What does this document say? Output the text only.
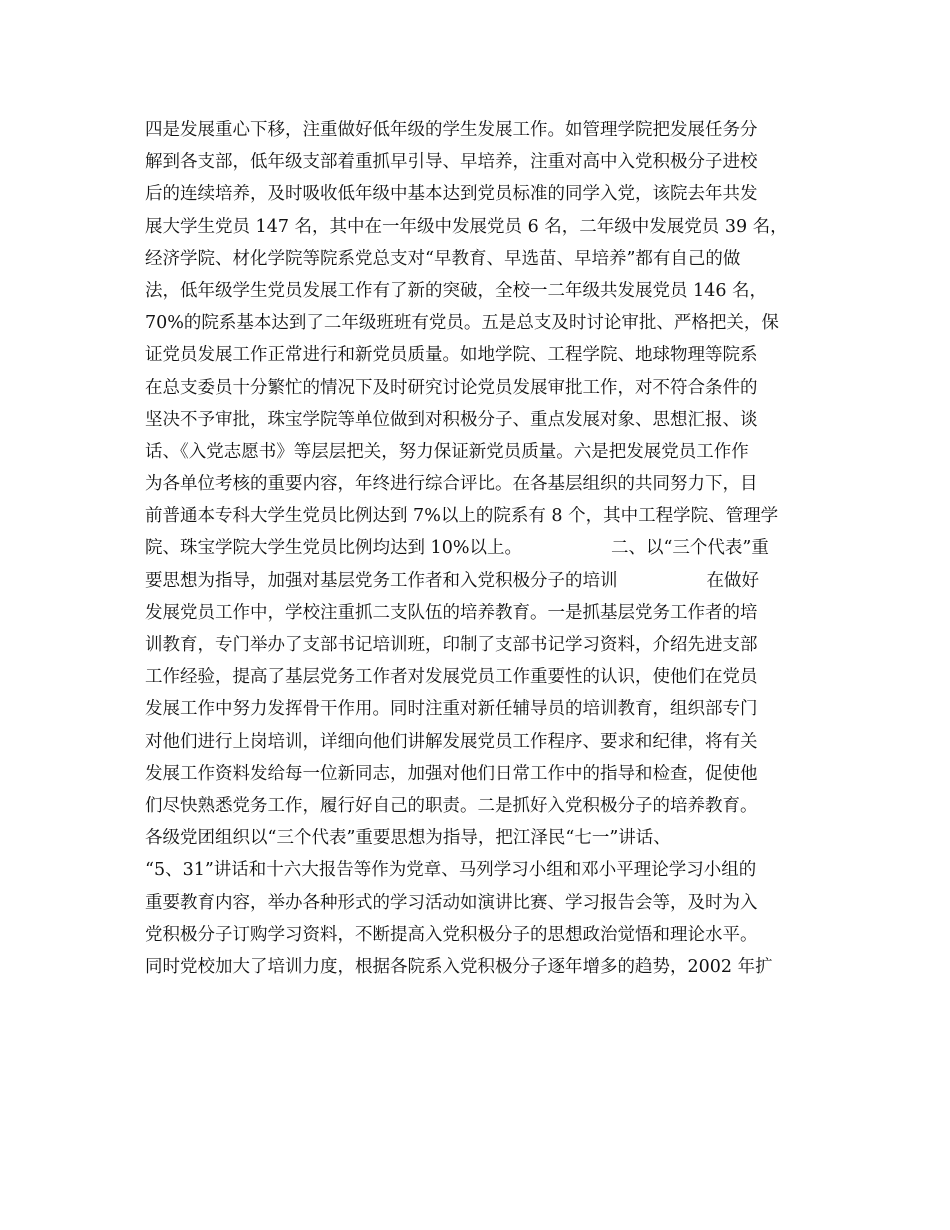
四是发展重心下移，注重做好低年级的学生发展工作。如管理学院把发展任务分
解到各支部，低年级支部着重抓早引导、早培养，注重对高中入党积极分子进校
后的连续培养，及时吸收低年级中基本达到党员标准的同学入党，该院去年共发
展大学生党员 147 名，其中在一年级中发展党员 6 名，二年级中发展党员 39 名，
经济学院、材化学院等院系党总支对“早教育、早选苗、早培养”都有自己的做
法，低年级学生党员发展工作有了新的突破，全校一二年级共发展党员 146 名，
70%的院系基本达到了二年级班班有党员。五是总支及时讨论审批、严格把关，保
证党员发展工作正常进行和新党员质量。如地学院、工程学院、地球物理等院系
在总支委员十分繁忙的情况下及时研究讨论党员发展审批工作，对不符合条件的
坚决不予审批，珠宝学院等单位做到对积极分子、重点发展对象、思想汇报、谈
话、《入党志愿书》等层层把关，努力保证新党员质量。六是把发展党员工作作
为各单位考核的重要内容，年终进行综合评比。在各基层组织的共同努力下，目
前普通本专科大学生党员比例达到 7%以上的院系有 8 个，其中工程学院、管理学
院、珠宝学院大学生党员比例均达到 10%以上。                二、以“三个代表”重
要思想为指导，加强对基层党务工作者和入党积极分子的培训                在做好
发展党员工作中，学校注重抓二支队伍的培养教育。一是抓基层党务工作者的培
训教育，专门举办了支部书记培训班，印制了支部书记学习资料，介绍先进支部
工作经验，提高了基层党务工作者对发展党员工作重要性的认识，使他们在党员
发展工作中努力发挥骨干作用。同时注重对新任辅导员的培训教育，组织部专门
对他们进行上岗培训，详细向他们讲解发展党员工作程序、要求和纪律，将有关
发展工作资料发给每一位新同志，加强对他们日常工作中的指导和检查，促使他
们尽快熟悉党务工作，履行好自己的职责。二是抓好入党积极分子的培养教育。
各级党团组织以“三个代表”重要思想为指导，把江泽民“七一”讲话、
“5、31”讲话和十六大报告等作为党章、马列学习小组和邓小平理论学习小组的
重要教育内容，举办各种形式的学习活动如演讲比赛、学习报告会等，及时为入
党积极分子订购学习资料，不断提高入党积极分子的思想政治觉悟和理论水平。
同时党校加大了培训力度，根据各院系入党积极分子逐年增多的趋势，2002 年扩
